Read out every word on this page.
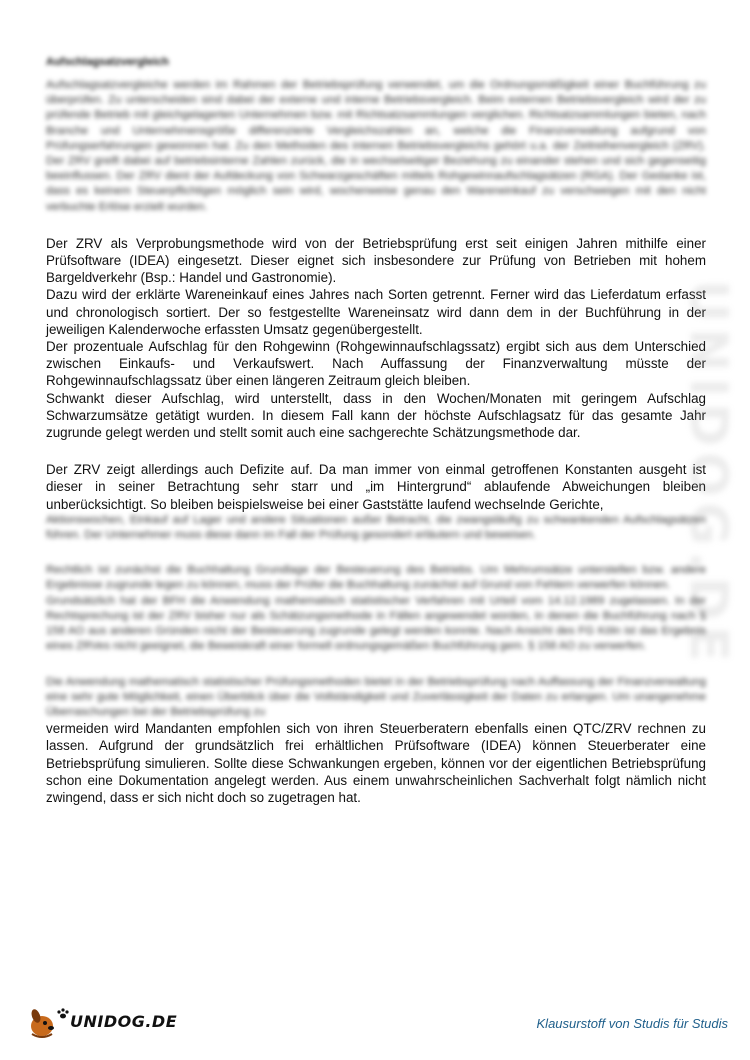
Aufschlagsatzvergleich

Aufschlagsatzvergleiche werden im Rahmen der Betriebsprüfung verwendet, um die Ordnungsmäßigkeit einer Buchführung zu überprüfen. Zu unterscheiden sind dabei der externe und interne Betriebsvergleich. Beim externen Betriebsvergleich wird der zu prüfende Betrieb mit gleichgelagerten Unternehmen bzw. mit Richtsatzsammlungen verglichen. Richtsatzsammlungen bieten, nach Branche und Unternehmensgröße differenzierte Vergleichszahlen an, welche die Finanzverwaltung aufgrund von Prüfungserfahrungen gewonnen hat. Zu den Methoden des internen Betriebsvergleichs gehört u.a. der Zeitreihenvergleich (ZRV). Der ZRV greift dabei auf betriebsinterne Zahlen zurück, die in wechselseitiger Beziehung zu einander stehen und sich gegenseitig beeinflussen. Der ZRV dient der Aufdeckung von Schwarzgeschäften mittels Rohgewinnaufschlagsätzen (RGA). Der Gedanke ist, dass es keinem Steuerpflichtigen möglich sein wird, wochenweise genau den Wareneinkauf zu verschweigen mit den nicht verbuchte Erlöse erzielt wurden.

Der ZRV als Verprobungsmethode wird von der Betriebsprüfung erst seit einigen Jahren mithilfe einer Prüfsoftware (IDEA) eingesetzt. Dieser eignet sich insbesondere zur Prüfung von Betrieben mit hohem Bargeldverkehr (Bsp.: Handel und Gastronomie).

Dazu wird der erklärte Wareneinkauf eines Jahres nach Sorten getrennt. Ferner wird das Lieferdatum erfasst und chronologisch sortiert. Der so festgestellte Wareneinsatz wird dann dem in der Buchführung in der jeweiligen Kalenderwoche erfassten Umsatz gegenübergestellt.

Der prozentuale Aufschlag für den Rohgewinn (Rohgewinnaufschlagssatz) ergibt sich aus dem Unterschied zwischen Einkaufs- und Verkaufswert. Nach Auffassung der Finanzverwaltung müsste der Rohgewinnaufschlagssatz über einen längeren Zeitraum gleich bleiben.

Schwankt dieser Aufschlag, wird unterstellt, dass in den Wochen/Monaten mit geringem Aufschlag Schwarzumsätze getätigt wurden. In diesem Fall kann der höchste Aufschlagsatz für das gesamte Jahr zugrunde gelegt werden und stellt somit auch eine sachgerechte Schätzungsmethode dar.

Der ZRV zeigt allerdings auch Defizite auf. Da man immer von einmal getroffenen Konstanten ausgeht ist dieser in seiner Betrachtung sehr starr und „im Hintergrund“ ablaufende Abweichungen bleiben unberücksichtigt. So bleiben beispielsweise bei einer Gaststätte laufend wechselnde Gerichte,

Aktionswochen, Einkauf auf Lager und andere Situationen außer Betracht, die zwangsläufig zu schwankenden Aufschlagsätzen führen. Der Unternehmer muss diese dann im Fall der Prüfung gesondert erläutern und beweisen.

Rechtlich ist zunächst die Buchhaltung Grundlage der Besteuerung des Betriebs. Um Mehrumsätze unterstellen bzw. andere Ergebnisse zugrunde legen zu können, muss der Prüfer die Buchhaltung zunächst auf Grund von Fehlern verwerfen können.

Grundsätzlich hat der BFH die Anwendung mathematisch statistischer Verfahren mit Urteil vom 14.12.1989 zugelassen. In der Rechtsprechung ist der ZRV bisher nur als Schätzungsmethode in Fällen angewendet worden, in denen die Buchführung nach § 158 AO aus anderen Gründen nicht der Besteuerung zugrunde gelegt werden konnte. Nach Ansicht des FG Köln ist das Ergebnis eines ZRVes nicht geeignet, die Beweiskraft einer formell ordnungsgemäßen Buchführung gem. § 158 AO zu verwerfen.

Die Anwendung mathematisch statistischer Prüfungsmethoden bietet in der Betriebsprüfung nach Auffassung der Finanzverwaltung eine sehr gute Möglichkeit, einen Überblick über die Vollständigkeit und Zuverlässigkeit der Daten zu erlangen. Um unangenehme Überraschungen bei der Betriebsprüfung zu

vermeiden wird Mandanten empfohlen sich von ihren Steuerberatern ebenfalls einen QTC/ZRV rechnen zu lassen. Aufgrund der grundsätzlich frei erhältlichen Prüfsoftware (IDEA) können Steuerberater eine Betriebsprüfung simulieren. Sollte diese Schwankungen ergeben, können vor der eigentlichen Betriebsprüfung schon eine Dokumentation angelegt werden. Aus einem unwahrscheinlichen Sachverhalt folgt nämlich nicht zwingend, dass er sich nicht doch so zugetragen hat.

UNIDOG.DE
UNIDOG.DE	Klausurstoff von Studis für Studis
